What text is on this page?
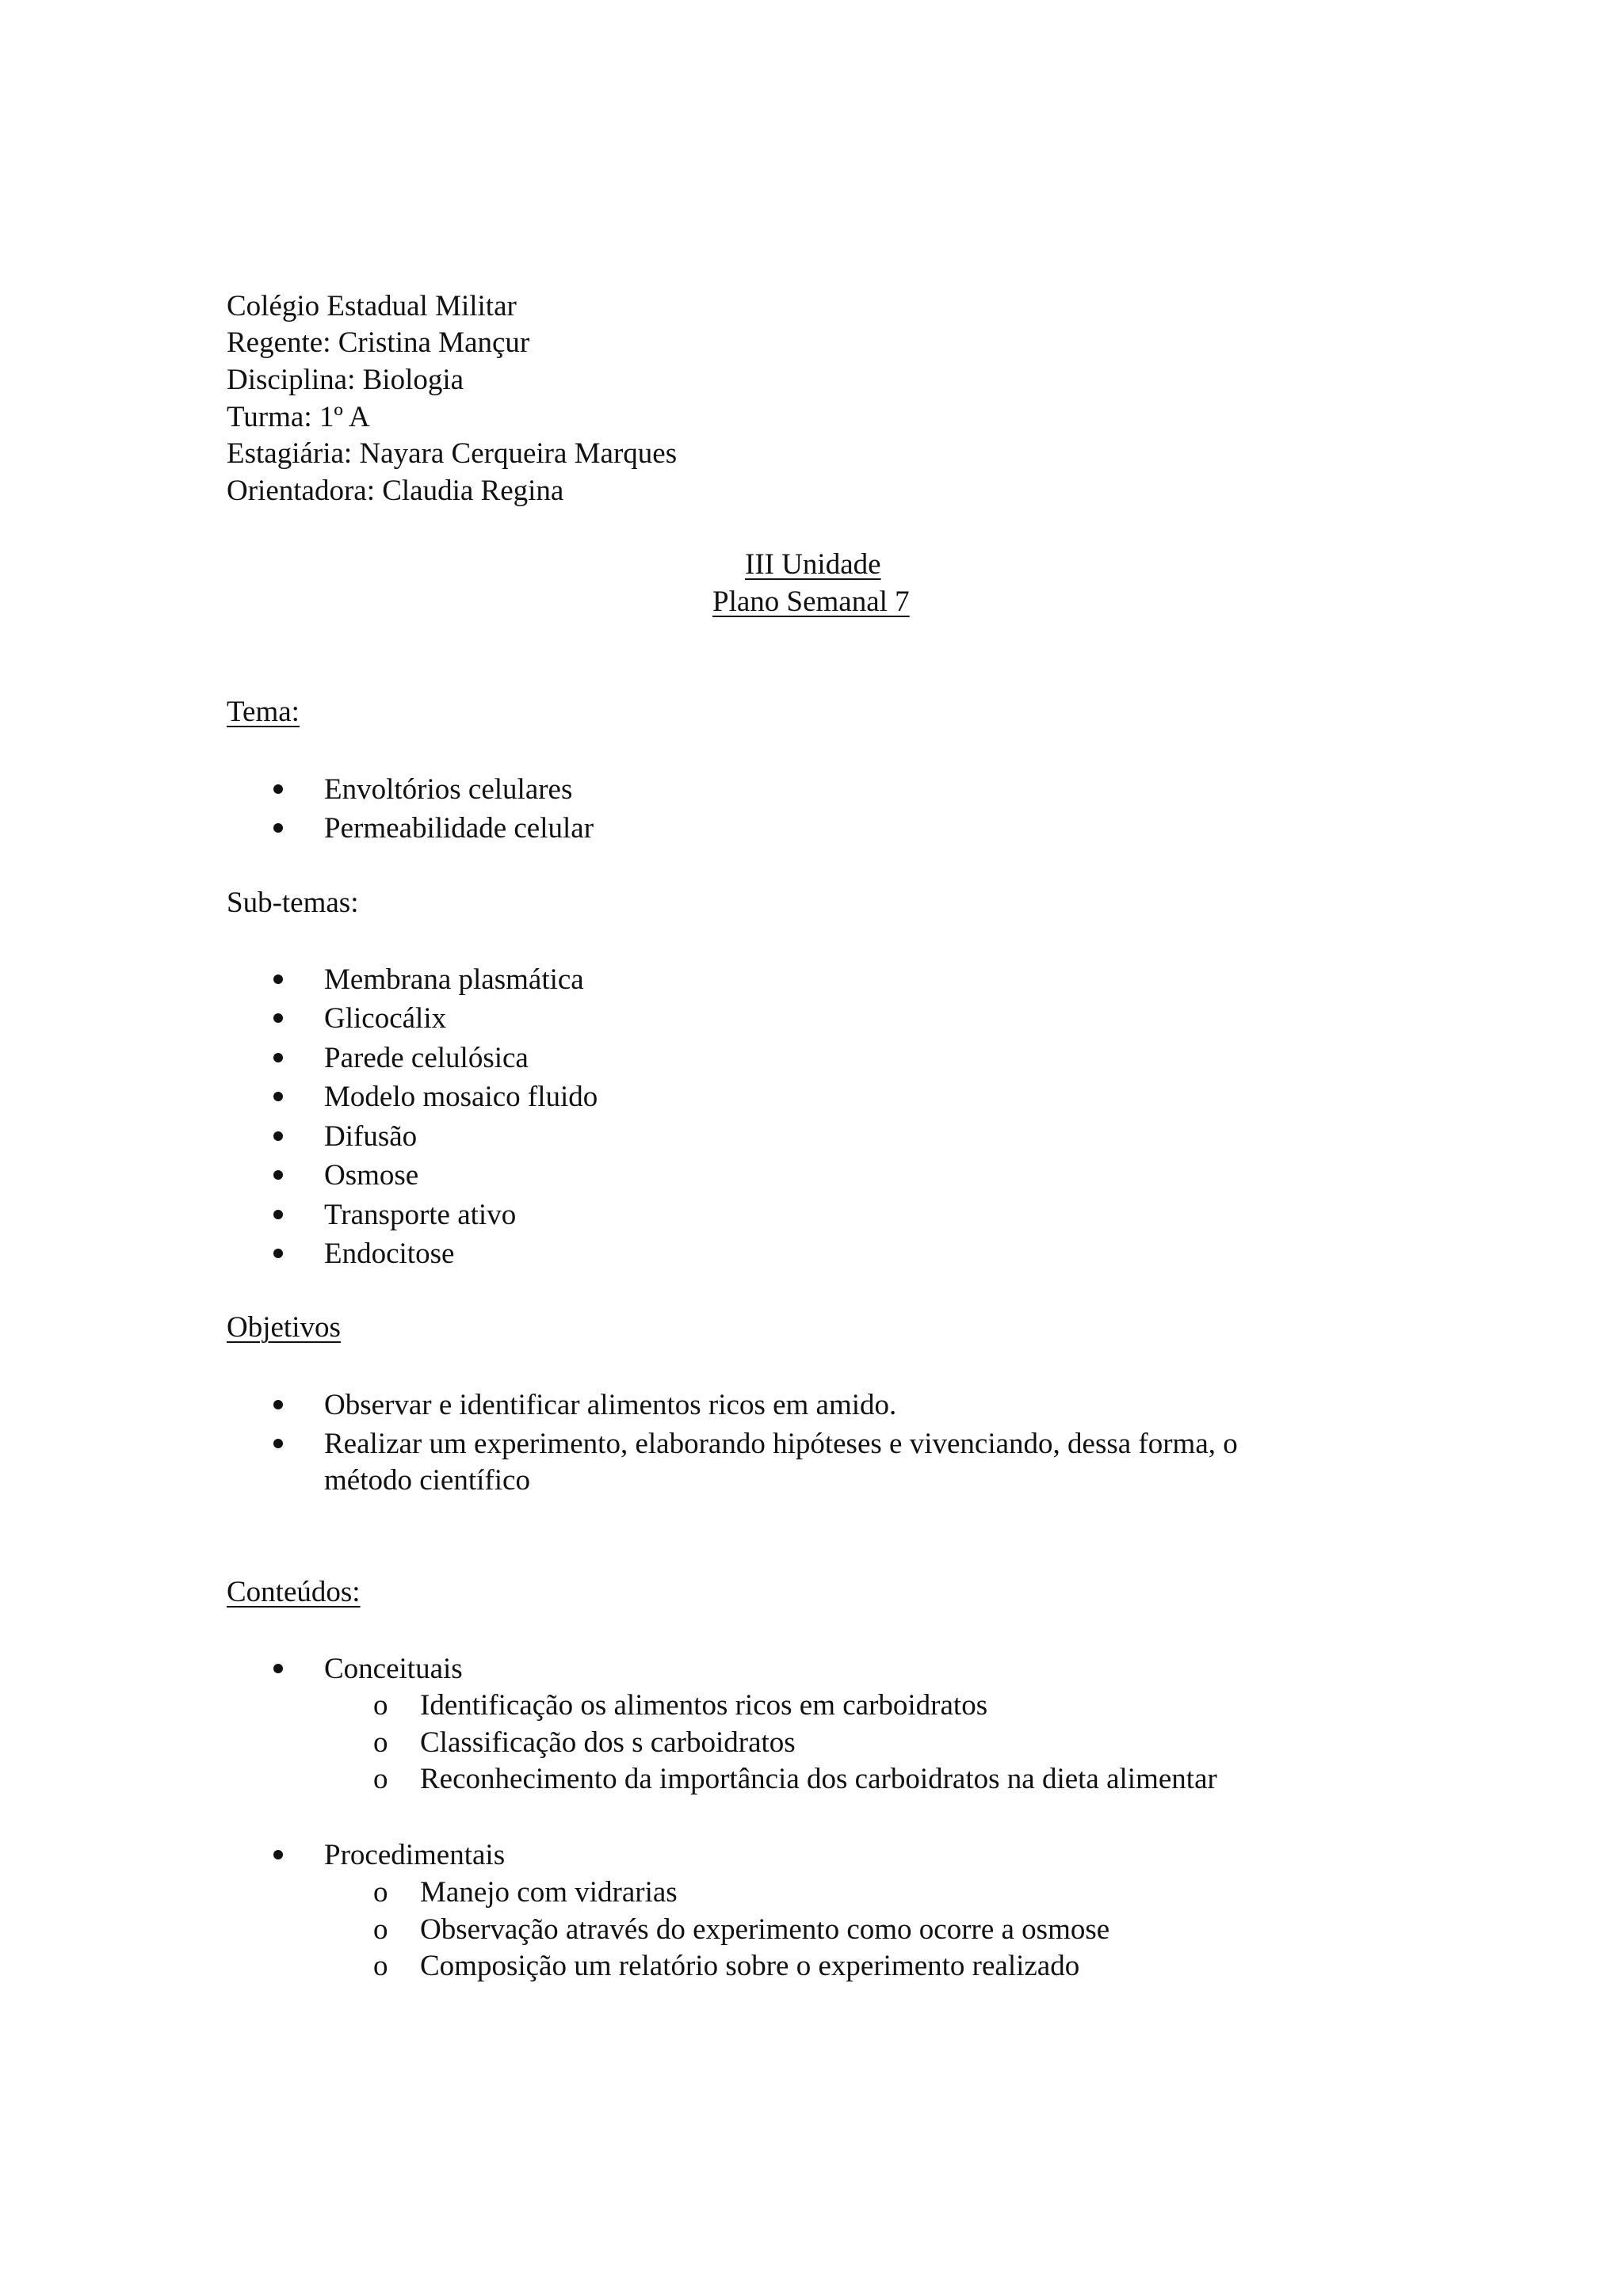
Colégio Estadual Militar
Regente: Cristina Mançur
Disciplina: Biologia
Turma: 1º A
Estagiária: Nayara Cerqueira Marques
Orientadora: Claudia Regina
III Unidade
Plano Semanal 7
Tema:
Envoltórios celulares
Permeabilidade celular
Sub-temas:
Membrana plasmática
Glicocálix
Parede celulósica
Modelo mosaico fluido
Difusão
Osmose
Transporte ativo
Endocitose
Objetivos
Observar e identificar alimentos ricos em amido.
Realizar um experimento, elaborando hipóteses e vivenciando, dessa forma, o
método científico
Conteúdos:
Conceituais
o Identificação os alimentos ricos em carboidratos
o Classificação dos s carboidratos
o Reconhecimento da importância dos carboidratos na dieta alimentar
Procedimentais
o Manejo com vidrarias
o Observação através do experimento como ocorre a osmose
o Composição um relatório sobre o experimento realizado
